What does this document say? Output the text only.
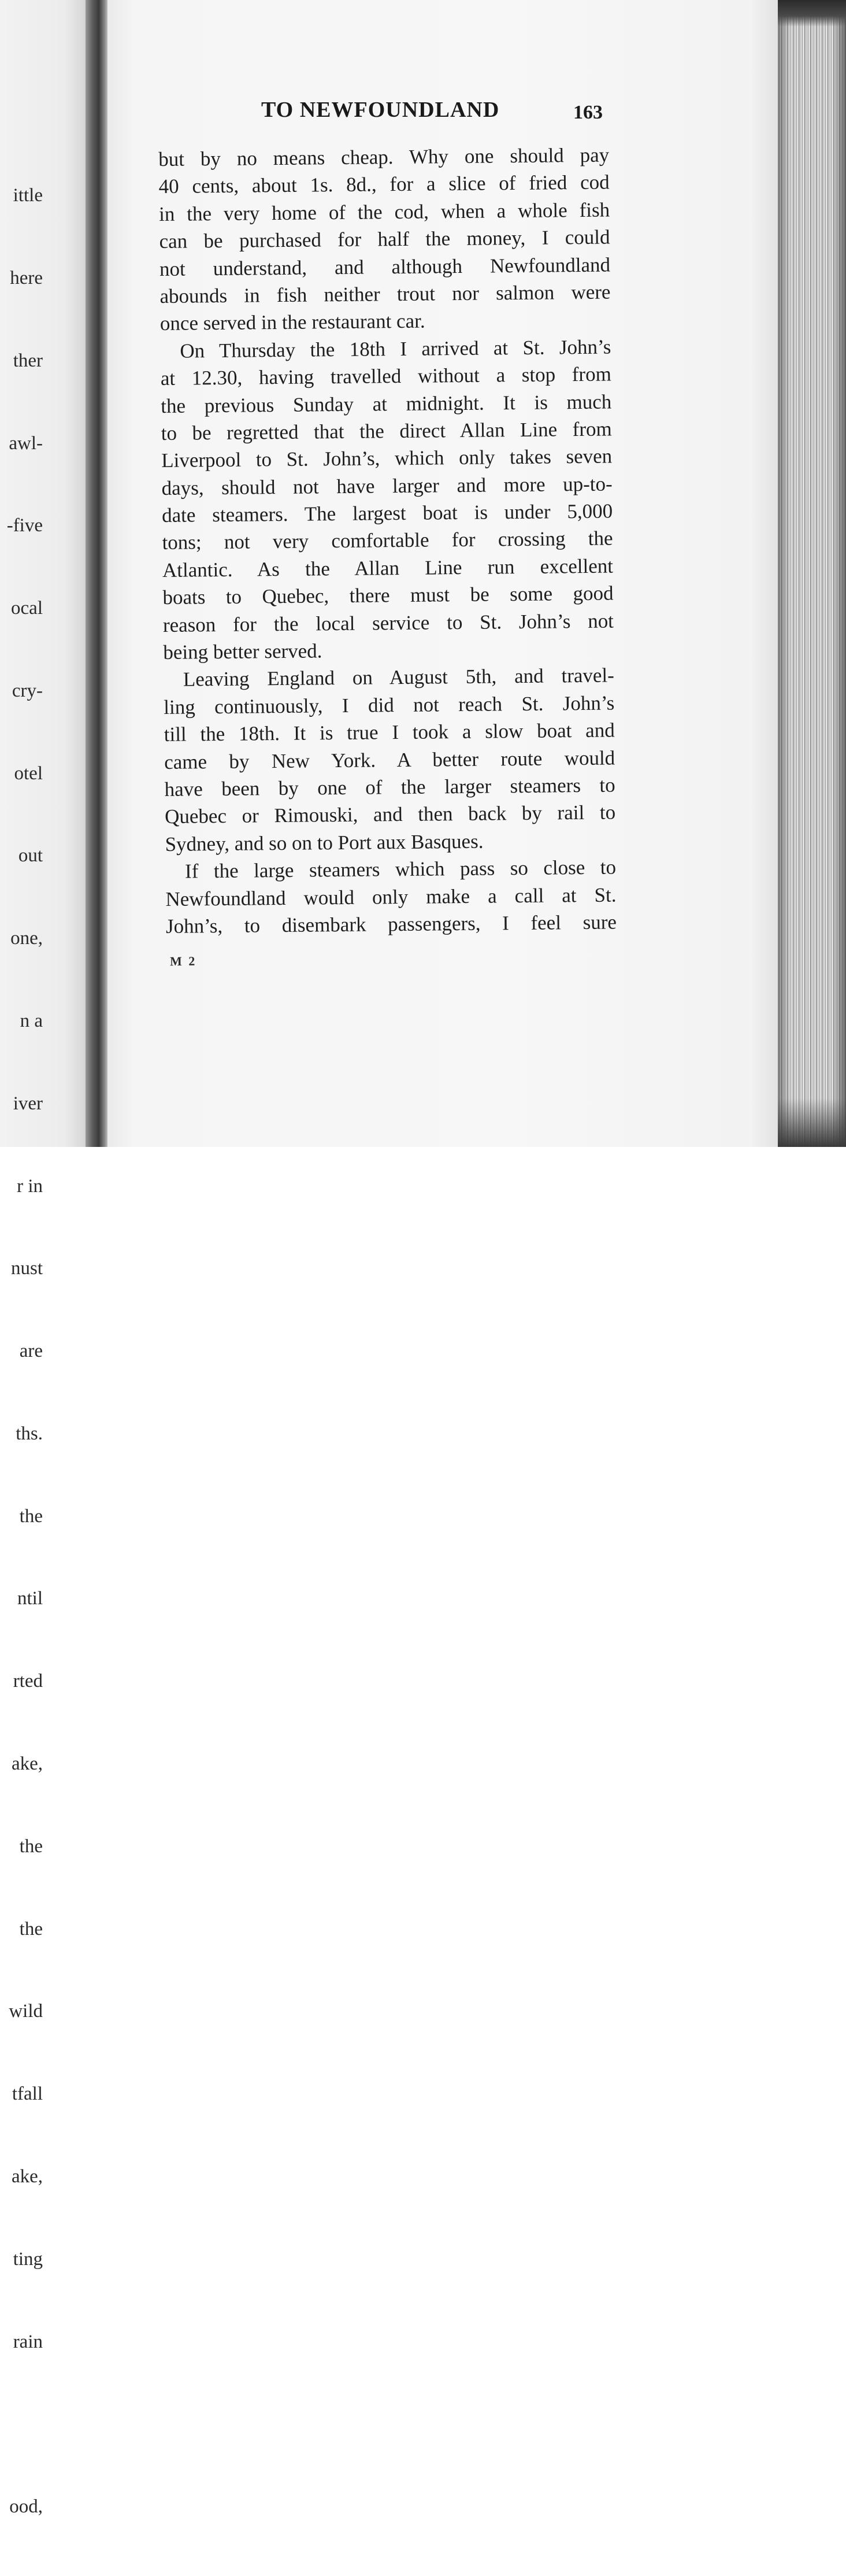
ittle

here

ther

awl-

-five

ocal

cry-

otel

out

one,

n a

iver

r in

nust

are

ths.

the

ntil

rted

ake,

the

the

wild

tfall

ake,

ting

rain

ood,

TO NEWFOUNDLAND	163
but by no means cheap. Why one should pay
40 cents, about 1s. 8d., for a slice of fried cod
in the very home of the cod, when a whole fish
can be purchased for half the money, I could
not understand, and although Newfoundland
abounds in fish neither trout nor salmon were
once served in the restaurant car.
On Thursday the 18th I arrived at St. John’s
at 12.30, having travelled without a stop from
the previous Sunday at midnight. It is much
to be regretted that the direct Allan Line from
Liverpool to St. John’s, which only takes seven
days, should not have larger and more up-to-
date steamers. The largest boat is under 5,000
tons; not very comfortable for crossing the
Atlantic. As the Allan Line run excellent
boats to Quebec, there must be some good
reason for the local service to St. John’s not
being better served.
Leaving England on August 5th, and travel-
ling continuously, I did not reach St. John’s
till the 18th. It is true I took a slow boat and
came by New York. A better route would
have been by one of the larger steamers to
Quebec or Rimouski, and then back by rail to
Sydney, and so on to Port aux Basques.
If the large steamers which pass so close to
Newfoundland would only make a call at St.
John’s, to disembark passengers, I feel sure
M 2
